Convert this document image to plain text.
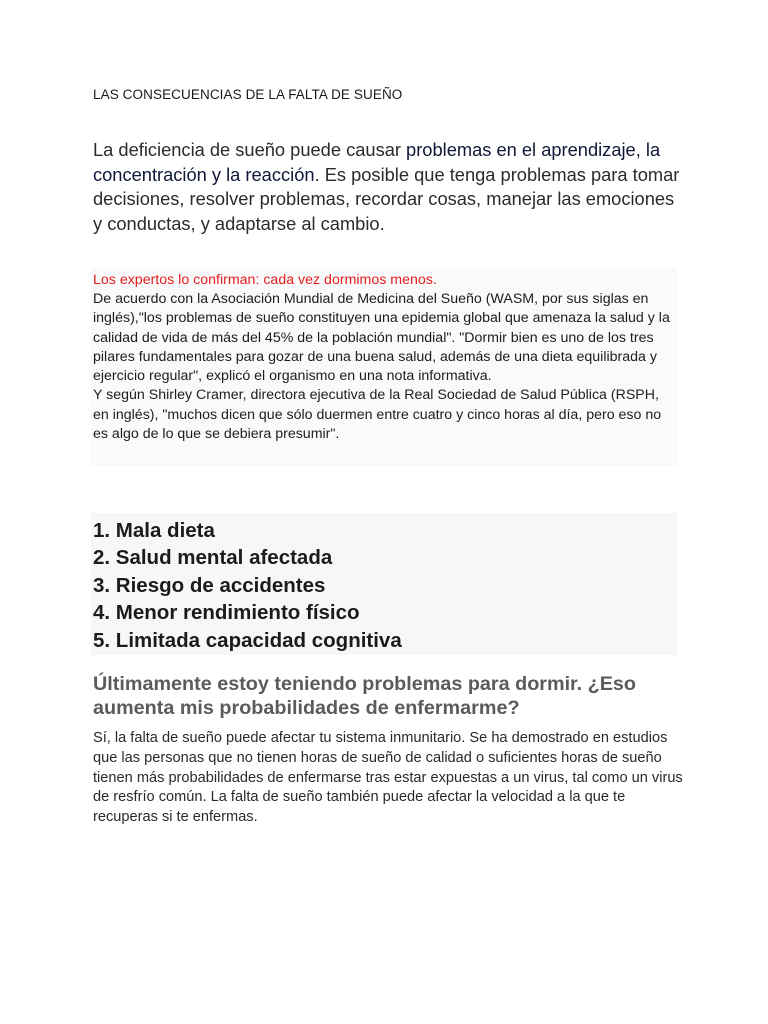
LAS CONSECUENCIAS DE LA FALTA DE SUEÑO
La deficiencia de sueño puede causar problemas en el aprendizaje, la concentración y la reacción. Es posible que tenga problemas para tomar decisiones, resolver problemas, recordar cosas, manejar las emociones y conductas, y adaptarse al cambio.
Los expertos lo confirman: cada vez dormimos menos.

De acuerdo con la Asociación Mundial de Medicina del Sueño (WASM, por sus siglas en inglés),"los problemas de sueño constituyen una epidemia global que amenaza la salud y la calidad de vida de más del 45% de la población mundial". "Dormir bien es uno de los tres pilares fundamentales para gozar de una buena salud, además de una dieta equilibrada y ejercicio regular", explicó el organismo en una nota informativa.

Y según Shirley Cramer, directora ejecutiva de la Real Sociedad de Salud Pública (RSPH, en inglés), "muchos dicen que sólo duermen entre cuatro y cinco horas al día, pero eso no es algo de lo que se debiera presumir".

1. Mala dieta
2. Salud mental afectada
3. Riesgo de accidentes
4. Menor rendimiento físico
5. Limitada capacidad cognitiva
Últimamente estoy teniendo problemas para dormir. ¿Eso aumenta mis probabilidades de enfermarme?
Sí, la falta de sueño puede afectar tu sistema inmunitario. Se ha demostrado en estudios que las personas que no tienen horas de sueño de calidad o suficientes horas de sueño tienen más probabilidades de enfermarse tras estar expuestas a un virus, tal como un virus de resfrío común. La falta de sueño también puede afectar la velocidad a la que te recuperas si te enfermas.
